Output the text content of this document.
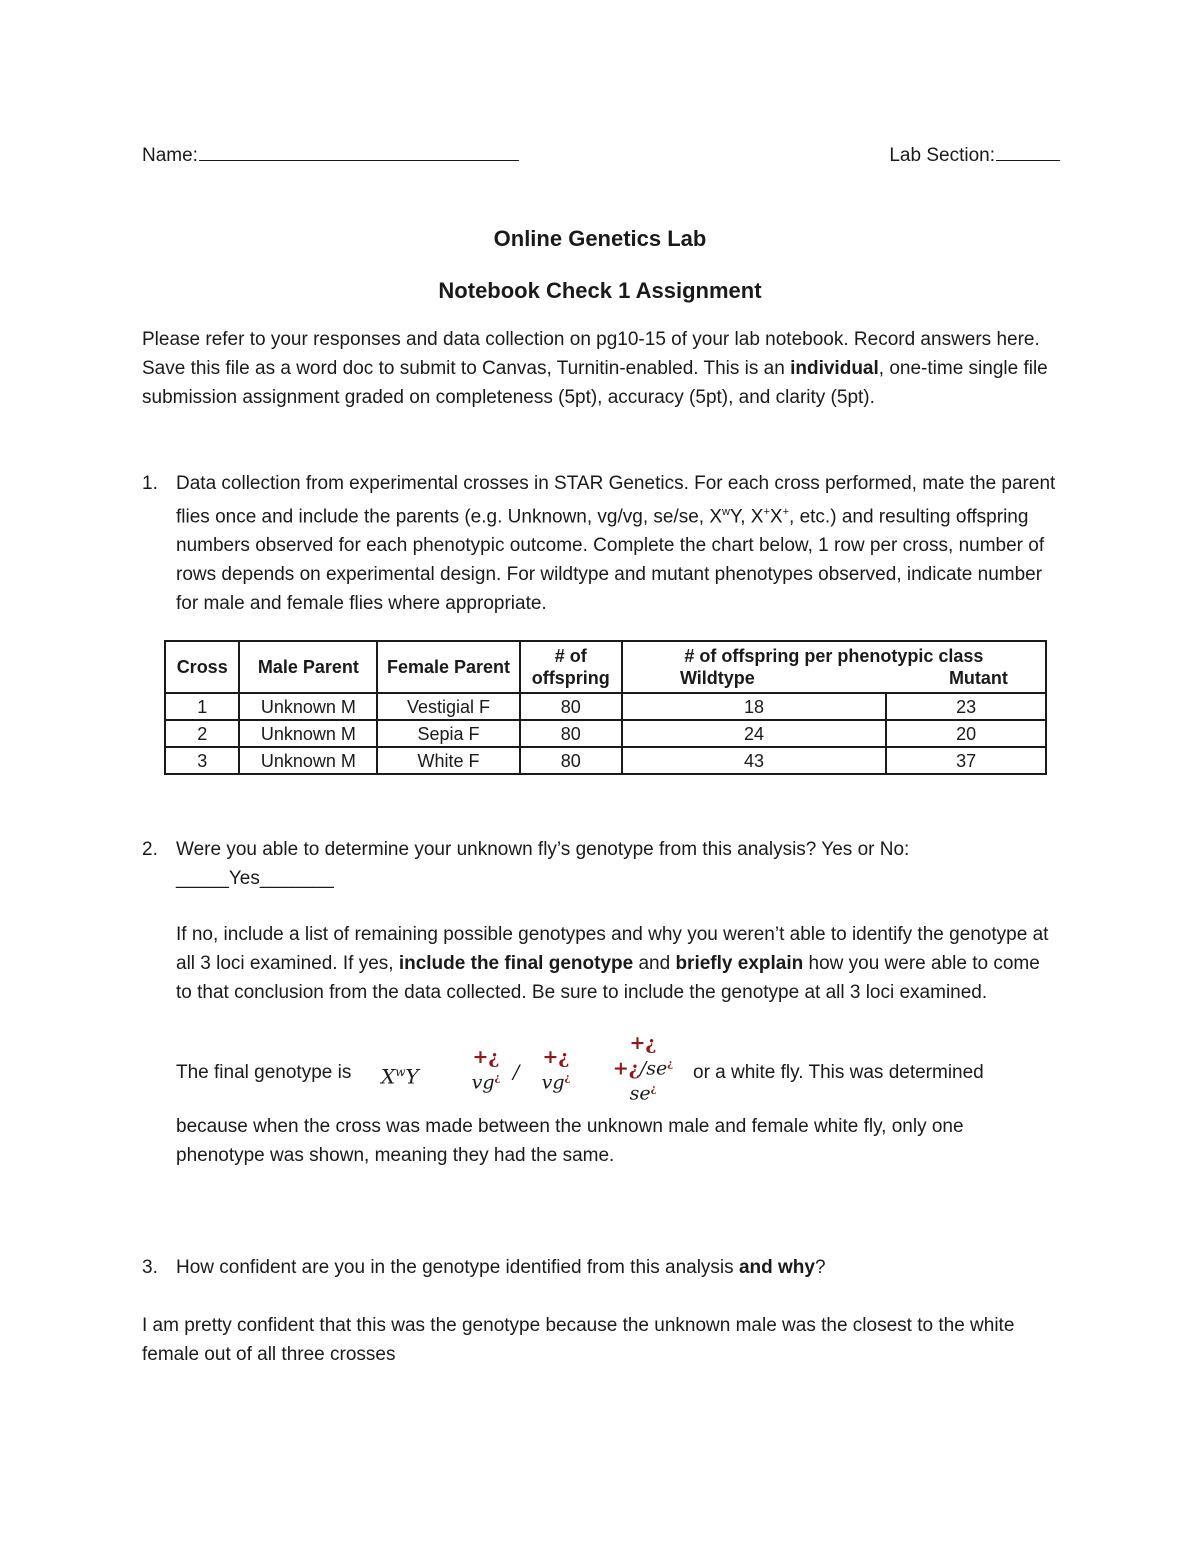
Name:	Lab Section:
Online Genetics Lab
Notebook Check 1 Assignment
Please refer to your responses and data collection on pg10-15 of your lab notebook. Record answers here. Save this file as a word doc to submit to Canvas, Turnitin-enabled. This is an individual, one-time single file submission assignment graded on completeness (5pt), accuracy (5pt), and clarity (5pt).
1. Data collection from experimental crosses in STAR Genetics. For each cross performed, mate the parent flies once and include the parents (e.g. Unknown, vg/vg, se/se, $X^wY$, X+X+, etc.) and resulting offspring numbers observed for each phenotypic outcome. Complete the chart below, 1 row per cross, number of rows depends on experimental design. For wildtype and mutant phenotypes observed, indicate number for male and female flies where appropriate.
Cross	Male Parent	Female Parent	# of offspring	# of offspring per phenotypic class
Wildtype Mutant	

1	Unknown M	Vestigial F	80	18	23
2	Unknown M	Sepia F	80	24	20
3	Unknown M	White F	80	43	37
2. Were you able to determine your unknown fly’s genotype from this analysis? Yes or No:
_____Yes_______
If no, include a list of remaining possible genotypes and why you weren’t able to identify the genotype at all 3 loci examined. If yes, include the final genotype and briefly explain how you were able to come to that conclusion from the data collected. Be sure to include the genotype at all 3 loci examined.
The final genotype is $X^wY$
+¿
vg¿ /
+¿
vg¿
+¿
+¿/se¿
se¿
or a white fly. This was determined
because when the cross was made between the unknown male and female white fly, only one phenotype was shown, meaning they had the same.
3. How confident are you in the genotype identified from this analysis and why?
I am pretty confident that this was the genotype because the unknown male was the closest to the white female out of all three crosses
